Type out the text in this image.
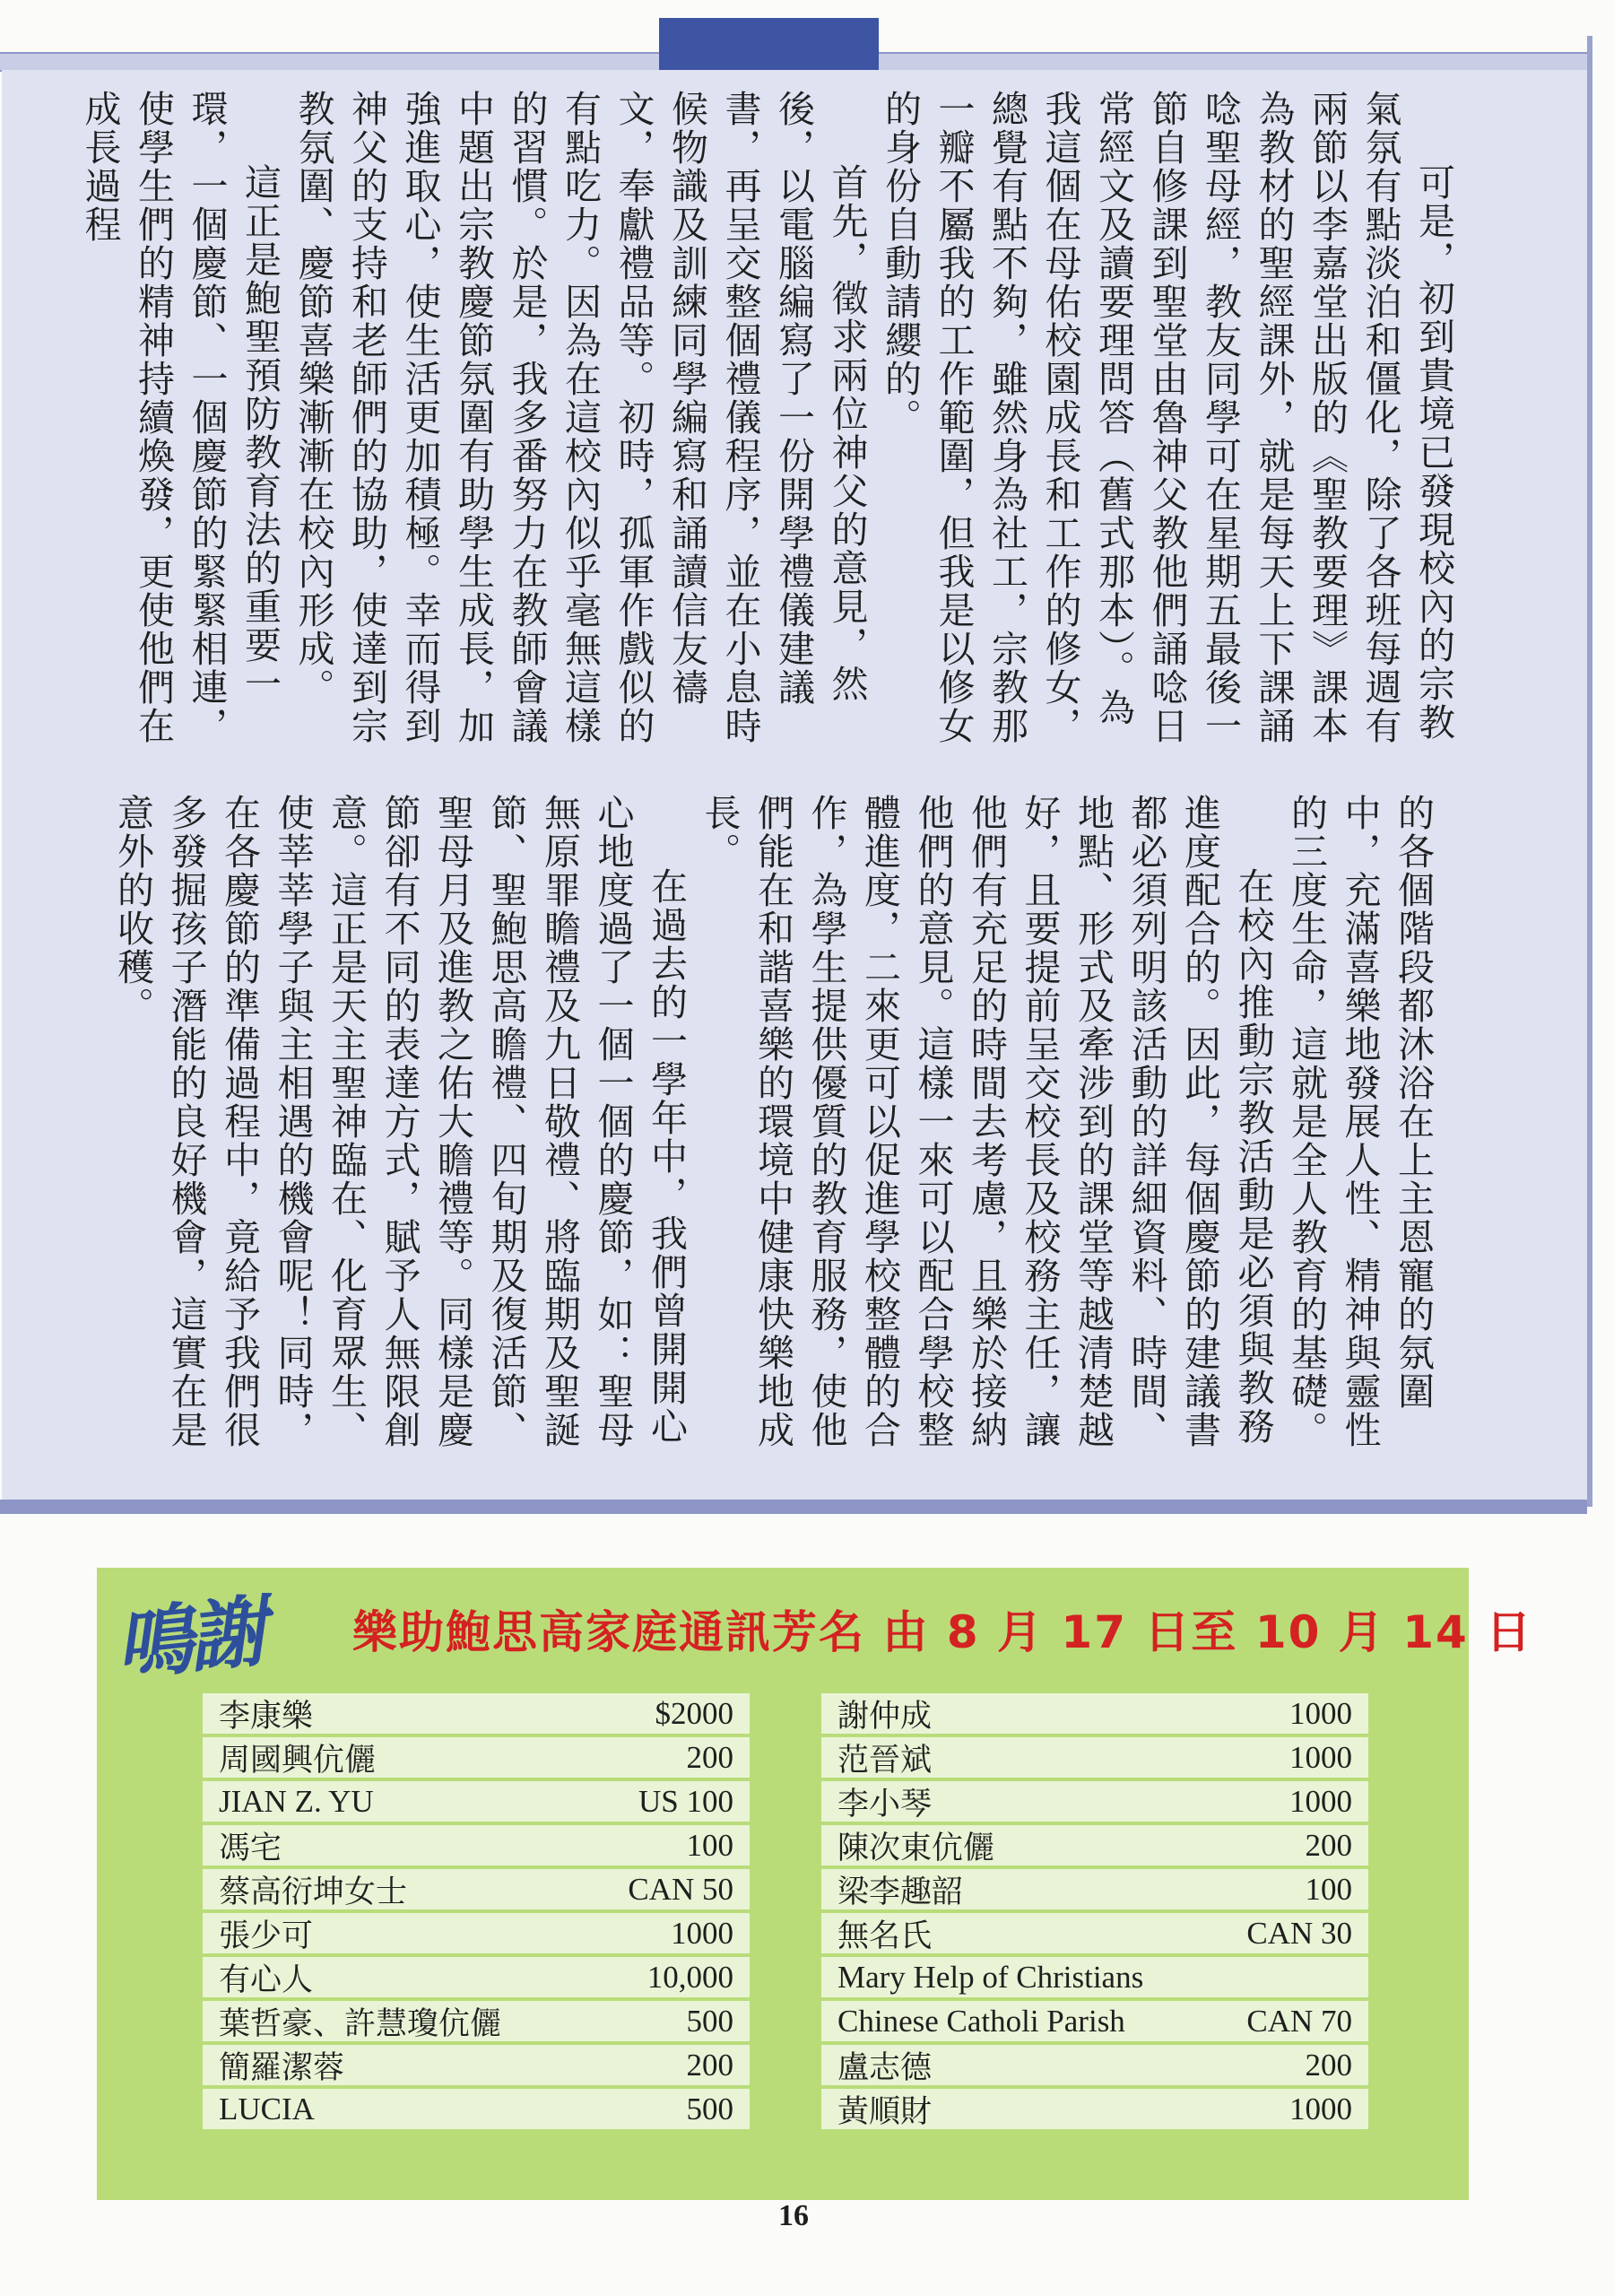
可是，初到貴境已發現校內的宗教氣氛有點淡泊和僵化，除了各班每週有兩節以李嘉堂出版的《聖教要理》課本為教材的聖經課外，就是每天上下課誦唸聖母經，教友同學可在星期五最後一節自修課到聖堂由魯神父教他們誦唸日常經文及讀要理問答（舊式那本）。為我這個在母佑校園成長和工作的修女，總覺有點不夠，雖然身為社工，宗教那一瓣不屬我的工作範圍，但我是以修女的身份自動請纓的。

首先，徵求兩位神父的意見，然後，以電腦編寫了一份開學禮儀建議書，再呈交整個禮儀程序，並在小息時候物識及訓練同學編寫和誦讀信友禱文，奉獻禮品等。初時，孤軍作戲似的有點吃力。因為在這校內似乎毫無這樣的習慣。於是，我多番努力在教師會議中題出宗教慶節氛圍有助學生成長，加強進取心，使生活更加積極。幸而得到神父的支持和老師們的協助，使達到宗教氛圍、慶節喜樂漸漸在校內形成。

這正是鮑聖預防教育法的重要一環，一個慶節、一個慶節的緊緊相連，使學生們的精神持續煥發，更使他們在成長過程

的各個階段都沐浴在上主恩寵的氛圍中，充滿喜樂地發展人性、精神與靈性的三度生命，這就是全人教育的基礎。

在校內推動宗教活動是必須與教務進度配合的。因此，每個慶節的建議書都必須列明該活動的詳細資料、時間、地點、形式及牽涉到的課堂等越清楚越好，且要提前呈交校長及校務主任，讓他們有充足的時間去考慮，且樂於接納他們的意見。這樣一來可以配合學校整體進度，二來更可以促進學校整體的合作，為學生提供優質的教育服務，使他們能在和諧喜樂的環境中健康快樂地成長。

在過去的一學年中，我們曾開開心心地度過了一個一個的慶節，如：聖母無原罪瞻禮及九日敬禮、將臨期及聖誕節、聖鮑思高瞻禮、四旬期及復活節、聖母月及進教之佑大瞻禮等。同樣是慶節卻有不同的表達方式，賦予人無限創意。這正是天主聖神臨在、化育眾生、使莘莘學子與主相遇的機會呢！同時，在各慶節的準備過程中，竟給予我們很多發掘孩子潛能的良好機會，這實在是意外的收穫。

鳴謝 樂助鮑思高家庭通訊芳名 由 8 月 17 日至 10 月 14 日
李康樂	$2000
周國興伉儷	200
JIAN Z. YU	US 100
馮宅	100
蔡高衍坤女士	CAN 50
張少可	1000
有心人	10,000
葉哲豪、許慧瓊伉儷	500
簡羅潔蓉	200
LUCIA	500
謝仲成	1000
范晉斌	1000
李小琴	1000
陳次東伉儷	200
梁李趣韶	100
無名氏	CAN 30
Mary Help of Christians
Chinese Catholi Parish	CAN 70
盧志德	200
黃順財	1000
16
